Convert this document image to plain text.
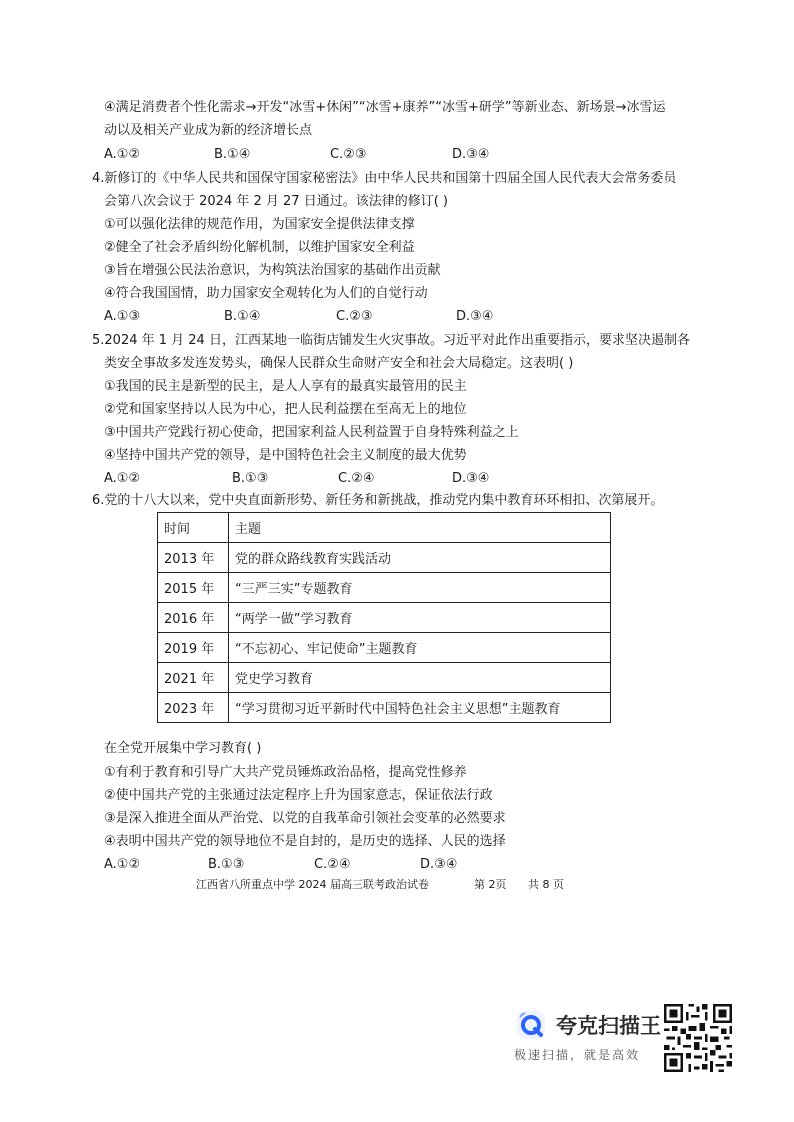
④满足消费者个性化需求→开发“冰雪+休闲”“冰雪+康养”“冰雪+研学”等新业态、新场景→冰雪运
动以及相关产业成为新的经济增长点
A.①②	B.①④	C.②③	D.③④
4.新修订的《中华人民共和国保守国家秘密法》由中华人民共和国第十四届全国人民代表大会常务委员
会第八次会议于 2024 年 2 月 27 日通过。该法律的修订( )
①可以强化法律的规范作用，为国家安全提供法律支撑
②健全了社会矛盾纠纷化解机制，以维护国家安全利益
③旨在增强公民法治意识，为构筑法治国家的基础作出贡献
④符合我国国情，助力国家安全观转化为人们的自觉行动
A.①③	B.①④	C.②③	D.③④
5.2024 年 1 月 24 日，江西某地一临街店铺发生火灾事故。习近平对此作出重要指示，要求坚决遏制各
类安全事故多发连发势头，确保人民群众生命财产安全和社会大局稳定。这表明( )
①我国的民主是新型的民主，是人人享有的最真实最管用的民主
②党和国家坚持以人民为中心，把人民利益摆在至高无上的地位
③中国共产党践行初心使命，把国家利益人民利益置于自身特殊利益之上
④坚持中国共产党的领导，是中国特色社会主义制度的最大优势
A.①②	B.①③	C.②④	D.③④
6.党的十八大以来，党中央直面新形势、新任务和新挑战，推动党内集中教育环环相扣、次第展开。
时间	主题
2013 年	党的群众路线教育实践活动
2015 年	“三严三实”专题教育
2016 年	“两学一做”学习教育
2019 年	“不忘初心、牢记使命”主题教育
2021 年	党史学习教育
2023 年	“学习贯彻习近平新时代中国特色社会主义思想”主题教育
在全党开展集中学习教育( )
①有利于教育和引导广大共产党员锤炼政治品格，提高党性修养
②使中国共产党的主张通过法定程序上升为国家意志，保证依法行政
③是深入推进全面从严治党、以党的自我革命引领社会变革的必然要求
④表明中国共产党的领导地位不是自封的，是历史的选择、人民的选择
A.①②	B.①③	C.②④	D.③④
江西省八所重点中学 2024 届高三联考政治试卷	第 2页 共 8 页
夸克扫描王
极速扫描，就是高效
